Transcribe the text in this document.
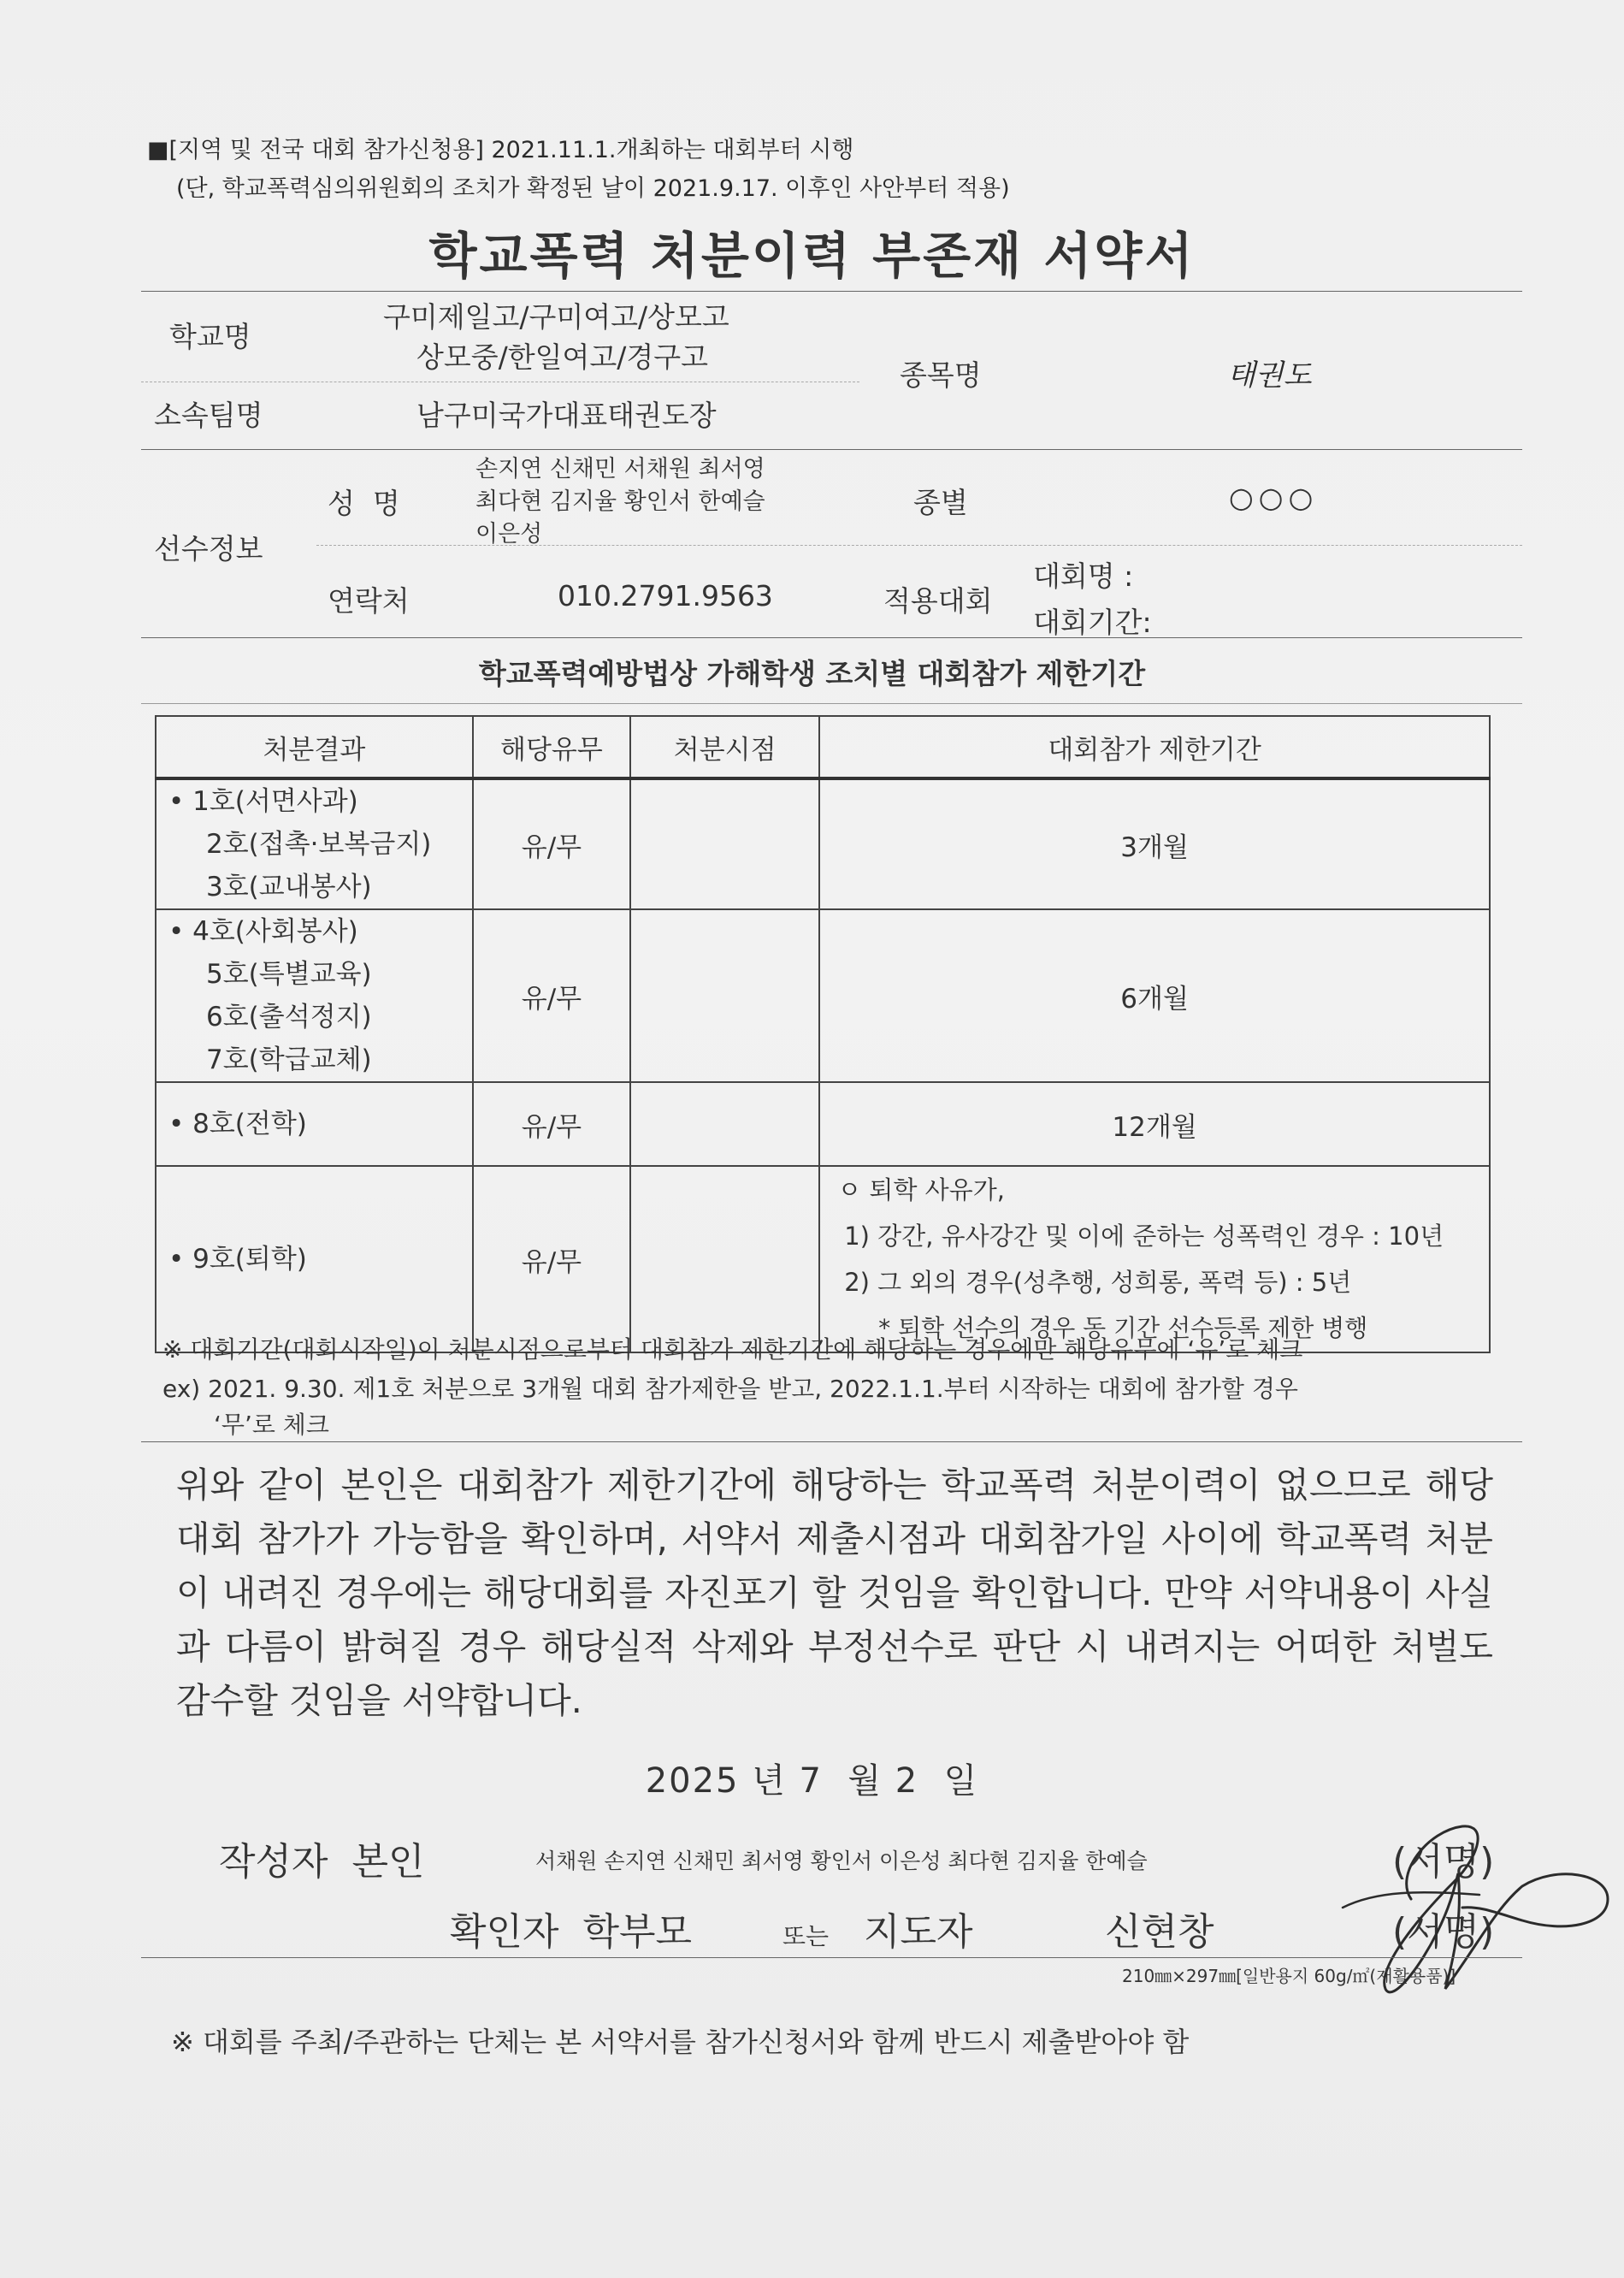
■[지역 및 전국 대회 참가신청용] 2021.11.1.개최하는 대회부터 시행
(단, 학교폭력심의위원회의 조치가 확정된 날이 2021.9.17. 이후인 사안부터 적용)
학교폭력 처분이력 부존재 서약서
학교명
구미제일고/구미여고/상모고
상모중/한일여고/경구고
종목명	태권도
소속팀명	남구미국가대표태권도장
선수정보
성  명
손지연 신채민 서채원 최서영
최다현 김지율 황인서 한예슬
이은성
종별	○○○
연락처	010.2791.9563	적용대회
대회명 :
대회기간:
학교폭력예방법상 가해학생 조치별 대회참가 제한기간
처분결과	해당유무	처분시점	대회참가 제한기간

• 1호(서면사과)
2호(접촉·보복금지)
3호(교내봉사)	유/무		3개월

• 4호(사회봉사)
5호(특별교육)
6호(출석정지)
7호(학급교체)	유/무		6개월

• 8호(전학)	유/무		12개월

• 9호(퇴학)	유/무		ㅇ 퇴학 사유가,
1) 강간, 유사강간 및 이에 준하는 성폭력인 경우 : 10년
2) 그 외의 경우(성추행, 성희롱, 폭력 등) : 5년
* 퇴학 선수의 경우 동 기간 선수등록 제한 병행
※ 대회기간(대회시작일)이 처분시점으로부터 대회참가 제한기간에 해당하는 경우에만 해당유무에 ‘유’로 체크
ex) 2021. 9.30. 제1호 처분으로 3개월 대회 참가제한을 받고, 2022.1.1.부터 시작하는 대회에 참가할 경우
‘무’로 체크
위와 같이 본인은 대회참가 제한기간에 해당하는 학교폭력 처분이력이 없으므로 해당 대회 참가가 가능함을 확인하며, 서약서 제출시점과 대회참가일 사이에 학교폭력 처분이 내려진 경우에는 해당대회를 자진포기 할 것임을 확인합니다. 만약 서약내용이 사실과 다름이 밝혀질 경우 해당실적 삭제와 부정선수로 판단 시 내려지는 어떠한 처벌도 감수할 것임을 서약합니다.
2025 년 7  월 2  일
작성자  본인	서채원 손지연 신채민 최서영 황인서 이은성 최다현 김지율 한예슬	(서명)
확인자  학부모	또는 지도자	신현창	(서명)
210㎜×297㎜[일반용지 60g/㎡(재활용품)]
※ 대회를 주최/주관하는 단체는 본 서약서를 참가신청서와 함께 반드시 제출받아야 함
